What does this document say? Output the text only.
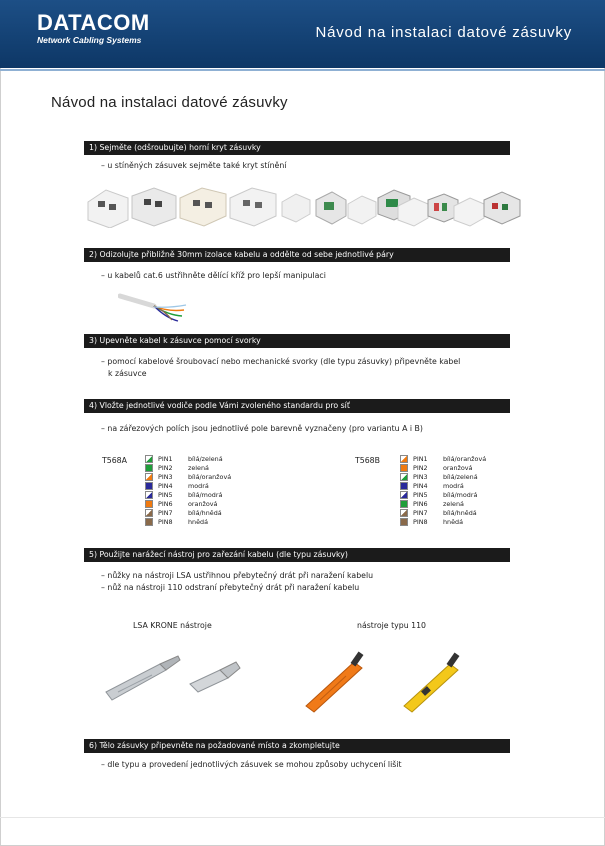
DATACOM
Network Cabling Systems	Návod na instalaci datové zásuvky
Návod na instalaci datové zásuvky
1) Sejměte (odšroubujte) horní kryt zásuvky
– u stíněných zásuvek sejměte také kryt stínění
2) Odizolujte přibližně 30mm izolace kabelu a oddělte od sebe jednotlivé páry
– u kabelů cat.6 ustřihněte dělící kříž pro lepší manipulaci
3) Upevněte kabel k zásuvce pomocí svorky
– pomocí kabelové šroubovací nebo mechanické svorky (dle typu zásuvky) připevněte kabel
k zásuvce
4) Vložte jednotlivé vodiče podle Vámi zvoleného standardu pro síť
– na zářezových polích jsou jednotlivé pole barevně vyznačeny (pro variantu A i B)
T568A	PIN1	bílá/zelená
PIN2	zelená
PIN3	bílá/oranžová
PIN4	modrá
PIN5	bílá/modrá
PIN6	oranžová
PIN7	bílá/hnědá
PIN8	hnědá
T568B	PIN1	bílá/oranžová
PIN2	oranžová
PIN3	bílá/zelená
PIN4	modrá
PIN5	bílá/modrá
PIN6	zelená
PIN7	bílá/hnědá
PIN8	hnědá
5) Použijte narážecí nástroj pro zařezání kabelu (dle typu zásuvky)
– nůžky na nástroji LSA ustřihnou přebytečný drát při naražení kabelu
– nůž na nástroji 110 odstraní přebytečný drát při naražení kabelu
LSA KRONE nástroje	nástroje typu 110
6) Tělo zásuvky připevněte na požadované místo a zkompletujte
– dle typu a provedení jednotlivých zásuvek se mohou způsoby uchycení lišit
